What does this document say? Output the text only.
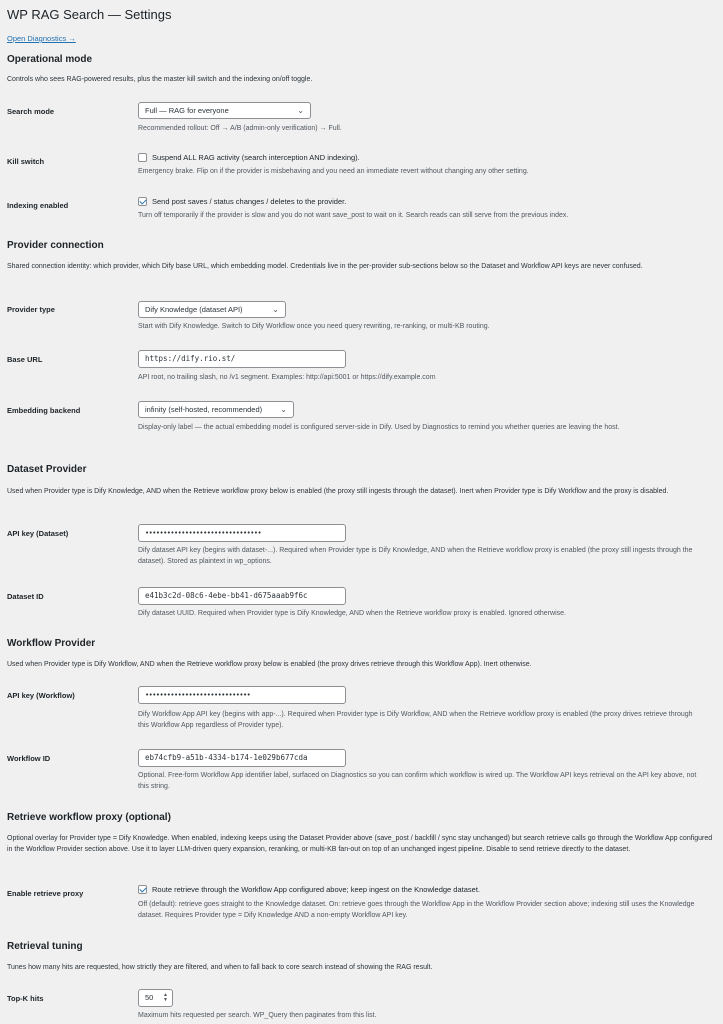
WP RAG Search — Settings
Open Diagnostics →
Operational mode
Controls who sees RAG-powered results, plus the master kill switch and the indexing on/off toggle.
Search mode	Full — RAG for everyone	⌄
Recommended rollout: Off → A/B (admin-only verification) → Full.
Kill switch	Suspend ALL RAG activity (search interception AND indexing).
Emergency brake. Flip on if the provider is misbehaving and you need an immediate revert without changing any other setting.
Indexing enabled	Send post saves / status changes / deletes to the provider.
Turn off temporarily if the provider is slow and you do not want save_post to wait on it. Search reads can still serve from the previous index.
Provider connection
Shared connection identity: which provider, which Dify base URL, which embedding model. Credentials live in the per-provider sub-sections below so the Dataset and Workflow API keys are never confused.
Provider type	Dify Knowledge (dataset API)	⌄
Start with Dify Knowledge. Switch to Dify Workflow once you need query rewriting, re-ranking, or multi-KB routing.
Base URL	https://dify.rio.st/
API root, no trailing slash, no /v1 segment. Examples: http://api:5001 or https://dify.example.com
Embedding backend	infinity (self-hosted, recommended) ⌄
Display-only label — the actual embedding model is configured server-side in Dify. Used by Diagnostics to remind you whether queries are leaving the host.
Dataset Provider
Used when Provider type is Dify Knowledge, AND when the Retrieve workflow proxy below is enabled (the proxy still ingests through the dataset). Inert when Provider type is Dify Workflow and the proxy is disabled.
API key (Dataset)	••••••••••••••••••••••••••••••••
Dify dataset API key (begins with dataset-...). Required when Provider type is Dify Knowledge, AND when the Retrieve workflow proxy is enabled (the proxy still ingests through the dataset). Stored as plaintext in wp_options.
Dataset ID	e41b3c2d-08c6-4ebe-bb41-d675aaab9f6c
Dify dataset UUID. Required when Provider type is Dify Knowledge, AND when the Retrieve workflow proxy is enabled. Ignored otherwise.
Workflow Provider
Used when Provider type is Dify Workflow, AND when the Retrieve workflow proxy below is enabled (the proxy drives retrieve through this Workflow App). Inert otherwise.
API key (Workflow)	•••••••••••••••••••••••••••••
Dify Workflow App API key (begins with app-...). Required when Provider type is Dify Workflow, AND when the Retrieve workflow proxy is enabled (the proxy drives retrieve through this Workflow App regardless of Provider type).
Workflow ID	eb74cfb9-a51b-4334-b174-1e029b677cda
Optional. Free-form Workflow App identifier label, surfaced on Diagnostics so you can confirm which workflow is wired up. The Workflow API keys retrieval on the API key above, not this string.
Retrieve workflow proxy (optional)
Optional overlay for Provider type = Dify Knowledge. When enabled, indexing keeps using the Dataset Provider above (save_post / backfill / sync stay unchanged) but search retrieve calls go through the Workflow App configured in the Workflow Provider section above. Use it to layer LLM-driven query expansion, reranking, or multi-KB fan-out on top of an unchanged ingest pipeline. Disable to send retrieve directly to the dataset.
Enable retrieve proxy	Route retrieve through the Workflow App configured above; keep ingest on the Knowledge dataset.
Off (default): retrieve goes straight to the Knowledge dataset. On: retrieve goes through the Workflow App in the Workflow Provider section above; indexing still uses the Knowledge dataset. Requires Provider type = Dify Knowledge AND a non-empty Workflow API key.
Retrieval tuning
Tunes how many hits are requested, how strictly they are filtered, and when to fall back to core search instead of showing the RAG result.
Top-K hits	50 ▲
▼
Maximum hits requested per search. WP_Query then paginates from this list.
